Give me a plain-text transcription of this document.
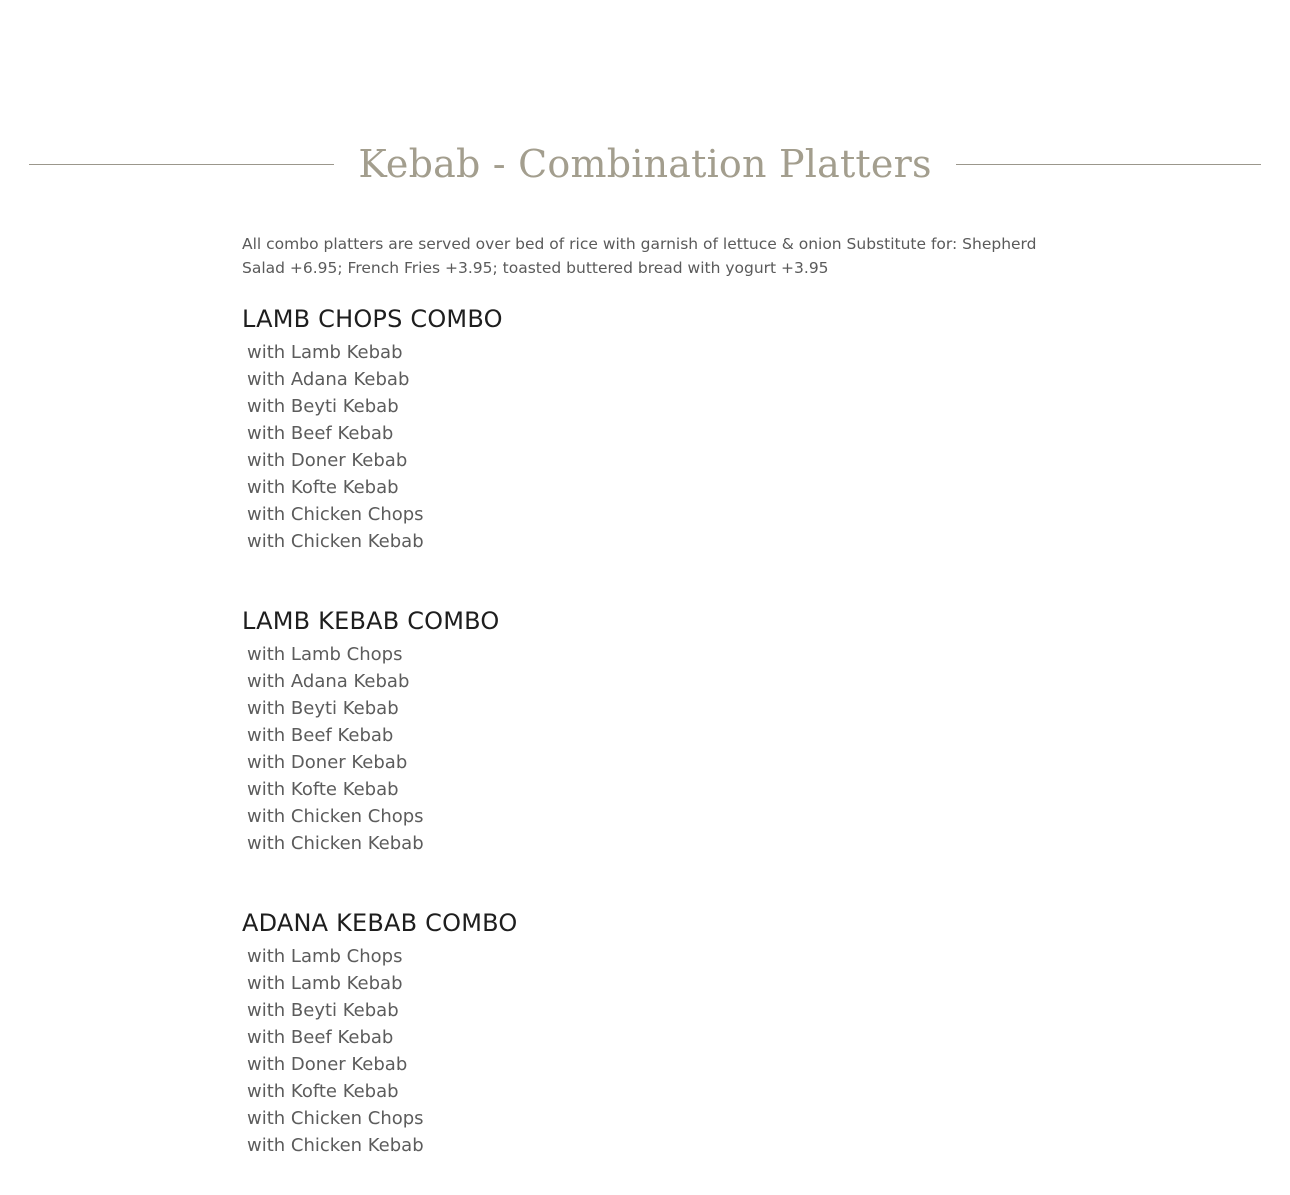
Kebab - Combination Platters

All combo platters are served over bed of rice with garnish of lettuce & onion Substitute for: Shepherd Salad +6.95; French Fries +3.95; toasted buttered bread with yogurt +3.95

LAMB CHOPS COMBO
with Lamb Kebab
with Adana Kebab
with Beyti Kebab
with Beef Kebab
with Doner Kebab
with Kofte Kebab
with Chicken Chops
with Chicken Kebab
LAMB KEBAB COMBO
with Lamb Chops
with Adana Kebab
with Beyti Kebab
with Beef Kebab
with Doner Kebab
with Kofte Kebab
with Chicken Chops
with Chicken Kebab
ADANA KEBAB COMBO
with Lamb Chops
with Lamb Kebab
with Beyti Kebab
with Beef Kebab
with Doner Kebab
with Kofte Kebab
with Chicken Chops
with Chicken Kebab
